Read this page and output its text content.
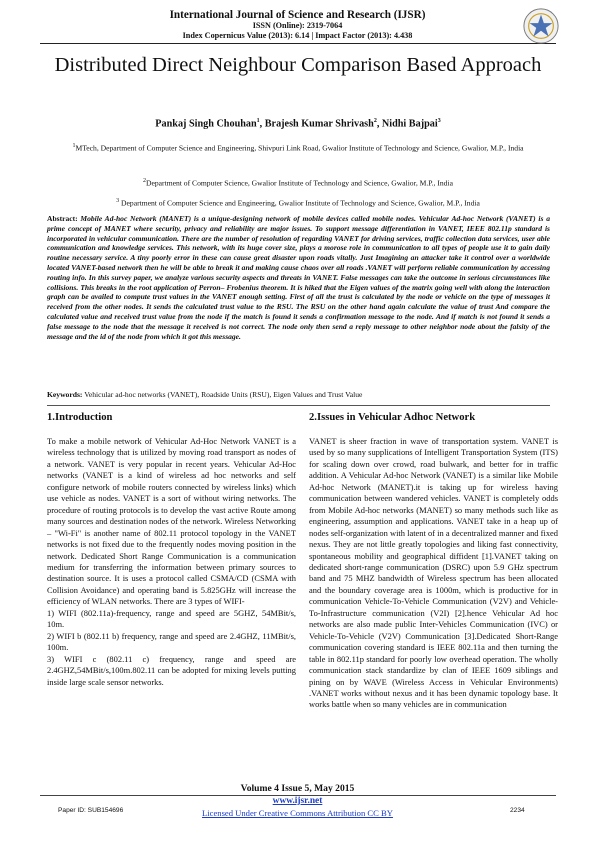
International Journal of Science and Research (IJSR)
ISSN (Online): 2319-7064
Index Copernicus Value (2013): 6.14 | Impact Factor (2013): 4.438
Distributed Direct Neighbour Comparison Based Approach
Pankaj Singh Chouhan$^1$, Brajesh Kumar Shrivash$^2$, Nidhi Bajpai$^3$
$^1$MTech, Department of Computer Science and Engineering, Shivpuri Link Road, Gwalior Institute of Technology and Science, Gwalior, M.P., India
$^2$Department of Computer Science, Gwalior Institute of Technology and Science, Gwalior, M.P., India
$^3$ Department of Computer Science and Engineering, Gwalior Institute of Technology and Science, Gwalior, M.P., India
Abstract: Mobile Ad-hoc Network (MANET) is a unique-designing network of mobile devices called mobile nodes. Vehicular Ad-hoc Network (VANET) is a prime concept of MANET where security, privacy and reliability are major issues. To support message differentiation in VANET, IEEE 802.11p standard is incorporated in vehicular communication. There are the number of resolution of regarding VANET for driving services, traffic collection data services, user able communication and knowledge services. This network, with its huge cover size, plays a morose role in communication to all types of people use it to gain daily routine necessary service. A tiny poorly error in these can cause great disaster upon roads vitally. Just Imagining an attacker take it control over a worldwide located VANET-based network then he will be able to break it and making cause chaos over all roads .VANET will perform reliable communication by accessing routing info. In this survey paper, we analyze various security aspects and threats in VANET. False messages can take the outcome in serious circumstances like collisions. This breaks in the root application of Perron– Frobenius theorem. It is hiked that the Eigen values of the matrix going well with along the interaction graph can be availed to compute trust values in the VANET enough setting. First of all the trust is calculated by the node or vehicle on the type of messages it received from the other nodes. It sends the calculated trust value to the RSU. The RSU on the other hand again calculate the value of trust And compare the calculated value and received trust value from the node if the match is found it sends a confirmation message to the node. And if match is not found it sends a false message to the node that the message it received is not correct. The node only then send a reply message to other neighbor node about the falsity of the message and the id of the node from which it got this message.
Keywords: Vehicular ad-hoc networks (VANET), Roadside Units (RSU), Eigen Values and Trust Value
1.Introduction	2.Issues in Vehicular Adhoc Network

To make a mobile network of Vehicular Ad-Hoc Network VANET is a wireless technology that is utilized by moving road transport as nodes of a network. VANET is very popular in recent years. Vehicular Ad-Hoc networks (VANET is a kind of wireless ad hoc networks and self configure network of mobile routers connected by wireless links) which use vehicle as nodes. VANET is a sort of without wiring networks. The procedure of routing protocols is to develop the vast active Route among many sources and destination nodes of the network. Wireless Networking – "Wi-Fi" is another name of 802.11 protocol topology in the VANET networks is not fixed due to the frequently nodes moving position in the network. Dedicated Short Range Communication is a communication medium for transferring the information between primary sources to destination source. It is uses a protocol called CSMA/CD (CSMA with Collision Avoidance) and operating band is 5.825GHz will increase the efficiency of WLAN networks. There are 3 types of WIFI-

1) WIFI (802.11a)-frequency, range and speed are 5GHZ, 54MBit/s, 10m.

2) WIFI b (802.11 b) frequency, range and speed are 2.4GHZ, 11MBit/s, 100m.

3) WIFI c (802.11 c) frequency, range and speed are 2.4GHZ,54MBit/s,100m.802.11 can be adopted for mixing levels putting inside large scale sensor networks.

VANET is sheer fraction in wave of transportation system. VANET is used by so many supplications of Intelligent Transportation System (ITS) for scaling down over crowd, road bulwark, and better for in traffic addition. A Vehicular Ad-hoc Network (VANET) is a similar like Mobile Ad-hoc Network (MANET).it is taking up for wireless having communication between wandered vehicles. VANET is completely odds from Mobile Ad-hoc networks (MANET) so many methods such like as engineering, assumption and applications. VANET take in a heap up of nodes self-organization with latent of in a decentralized manner and fixed nexus. They are not little greatly topologies and liking fast connectivity, spontaneous mobility and geographical diffident [1].VANET taking on dedicated short-range communication (DSRC) upon 5.9 GHz spectrum band and 75 MHZ bandwidth of Wireless spectrum has been allocated and the boundary coverage area is 1000m, which is productive for in communication Vehicle-To-Vehicle Communication (V2V) and Vehicle-To-Infrastructure communication (V2I) [2].hence Vehicular Ad hoc networks are also made public Inter-Vehicles Communication (IVC) or Vehicle-To-Vehicle (V2V) Communication [3].Dedicated Short-Range communication covering standard is IEEE 802.11a and then turning the table in 802.11p standard for poorly low overhead operation. The wholly communication stack standardize by clan of IEEE 1609 siblings and pining on by WAVE (Wireless Access in Vehicular Environments) .VANET works without nexus and it has been dynamic topology base. It works battle when so many vehicles are in communication

Volume 4 Issue 5, May 2015
www.ijsr.net
Licensed Under Creative Commons Attribution CC BY
Paper ID: SUB154696	2234
